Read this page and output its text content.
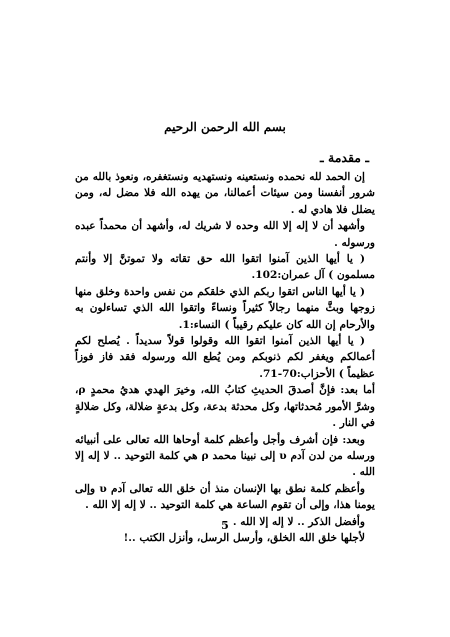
بسم الله الرحمن الرحيم
ـ مقدمة ـ

إن الحمد لله نحمده ونستعينه ونستهديه ونستغفره، ونعوذ بالله من شرور أنفسنا ومن سيئات أعمالنا، من يهده الله فلا مضل له، ومن يضلل فلا هادي له .

وأشهد أن لا إله إلا الله وحده لا شريك له، وأشهد أن محمداً عبده ورسوله .

( يا أيها الذين آمنوا اتقوا الله حق تقاته ولا تموتنَّ إلا وأنتم مسلمون ) آل عمران:102.

( يا أيها الناس اتقوا ربكم الذي خلقكم من نفس واحدة وخلق منها زوجها وبثَّ منهما رجالاً كثيراً ونساءً واتقوا الله الذي تساءلون به والأرحام إن الله كان عليكم رقيباً ) النساء:1.

( يا أيها الذين آمنوا اتقوا الله وقولوا قولاً سديداً . يُصلح لكم أعمالكم ويغفر لكم ذنوبكم ومن يُطع الله ورسوله فقد فاز فوزاً عظيماً ) الأحزاب:70-71.

أما بعد: فإنَّ أصدقَ الحديثِ كتابُ الله، وخيرَ الهدي هديُ محمدٍ ρ، وشرَّ الأمور مُحدثاتها، وكل محدثة بدعة، وكل بدعةٍ ضلالة، وكل ضلالةٍ في النار .

وبعد: فإن أشرف وأجل وأعظم كلمة أوحاها الله تعالى على أنبيائه ورسله من لدن آدم υ إلى نبينا محمد ρ هي كلمة التوحيد .. لا إله إلا الله .

وأعظم كلمة نطق بها الإنسان منذ أن خلق الله تعالى آدم υ وإلى يومنا هذا، وإلى أن تقوم الساعة هي كلمة التوحيد .. لا إله إلا الله .

وأفضل الذكر .. لا إله إلا الله .

لأجلها خلق الله الخلق، وأرسل الرسل، وأنزل الكتب ..!

5
